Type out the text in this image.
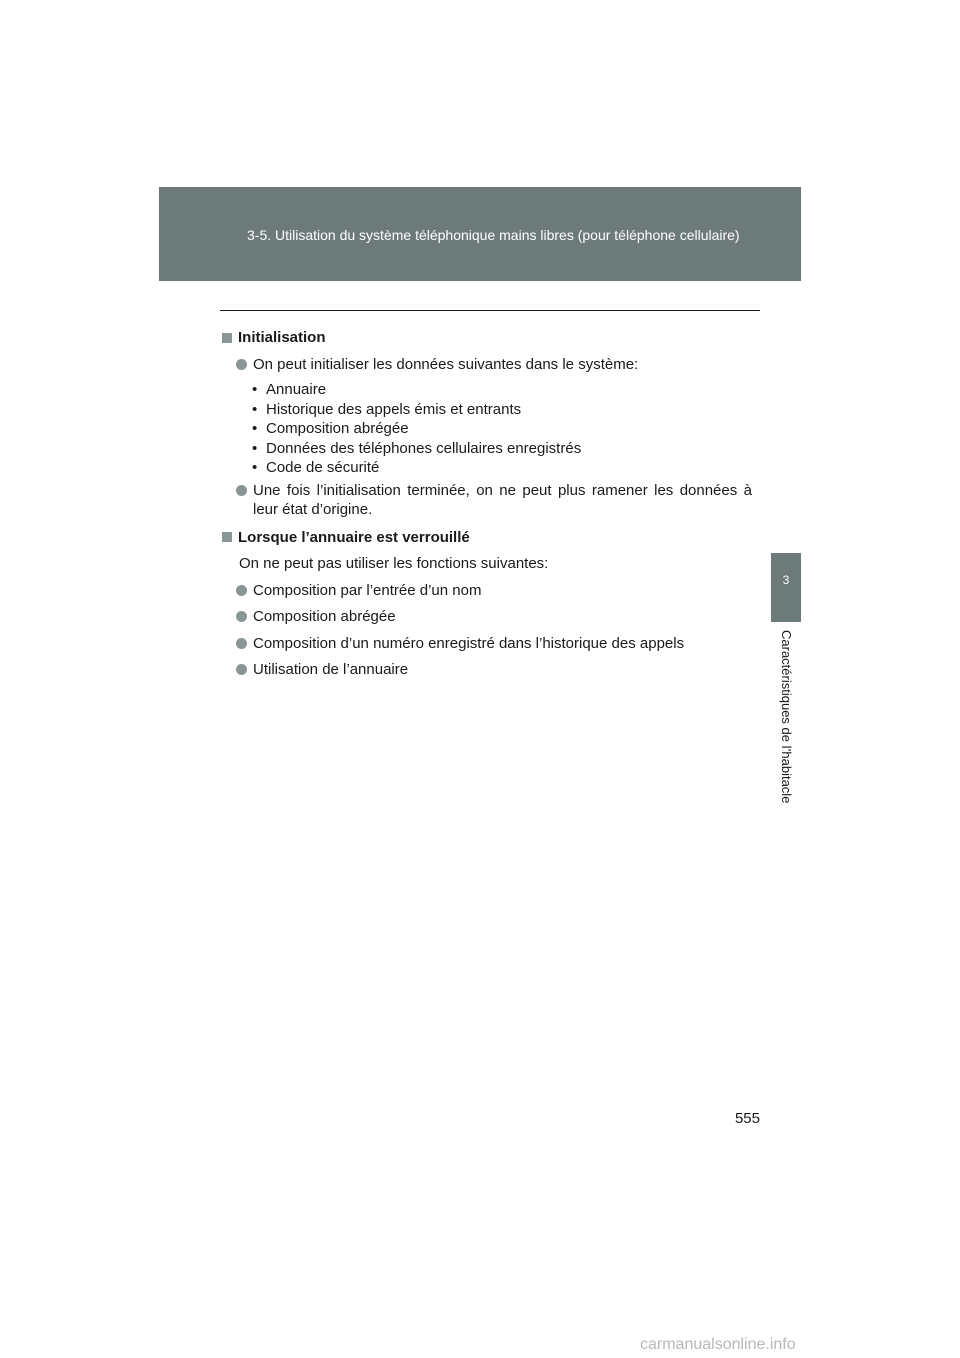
3-5. Utilisation du système téléphonique mains libres (pour téléphone cellulaire)
3
Caractéristiques de l’habitacle
Initialisation
On peut initialiser les données suivantes dans le système:
• Annuaire
• Historique des appels émis et entrants
• Composition abrégée
• Données des téléphones cellulaires enregistrés
• Code de sécurité
Une fois l’initialisation terminée, on ne peut plus ramener les données à leur état d’origine.
Lorsque l’annuaire est verrouillé
On ne peut pas utiliser les fonctions suivantes:
Composition par l’entrée d’un nom
Composition abrégée
Composition d’un numéro enregistré dans l’historique des appels
Utilisation de l’annuaire
555
carmanualsonline.info
